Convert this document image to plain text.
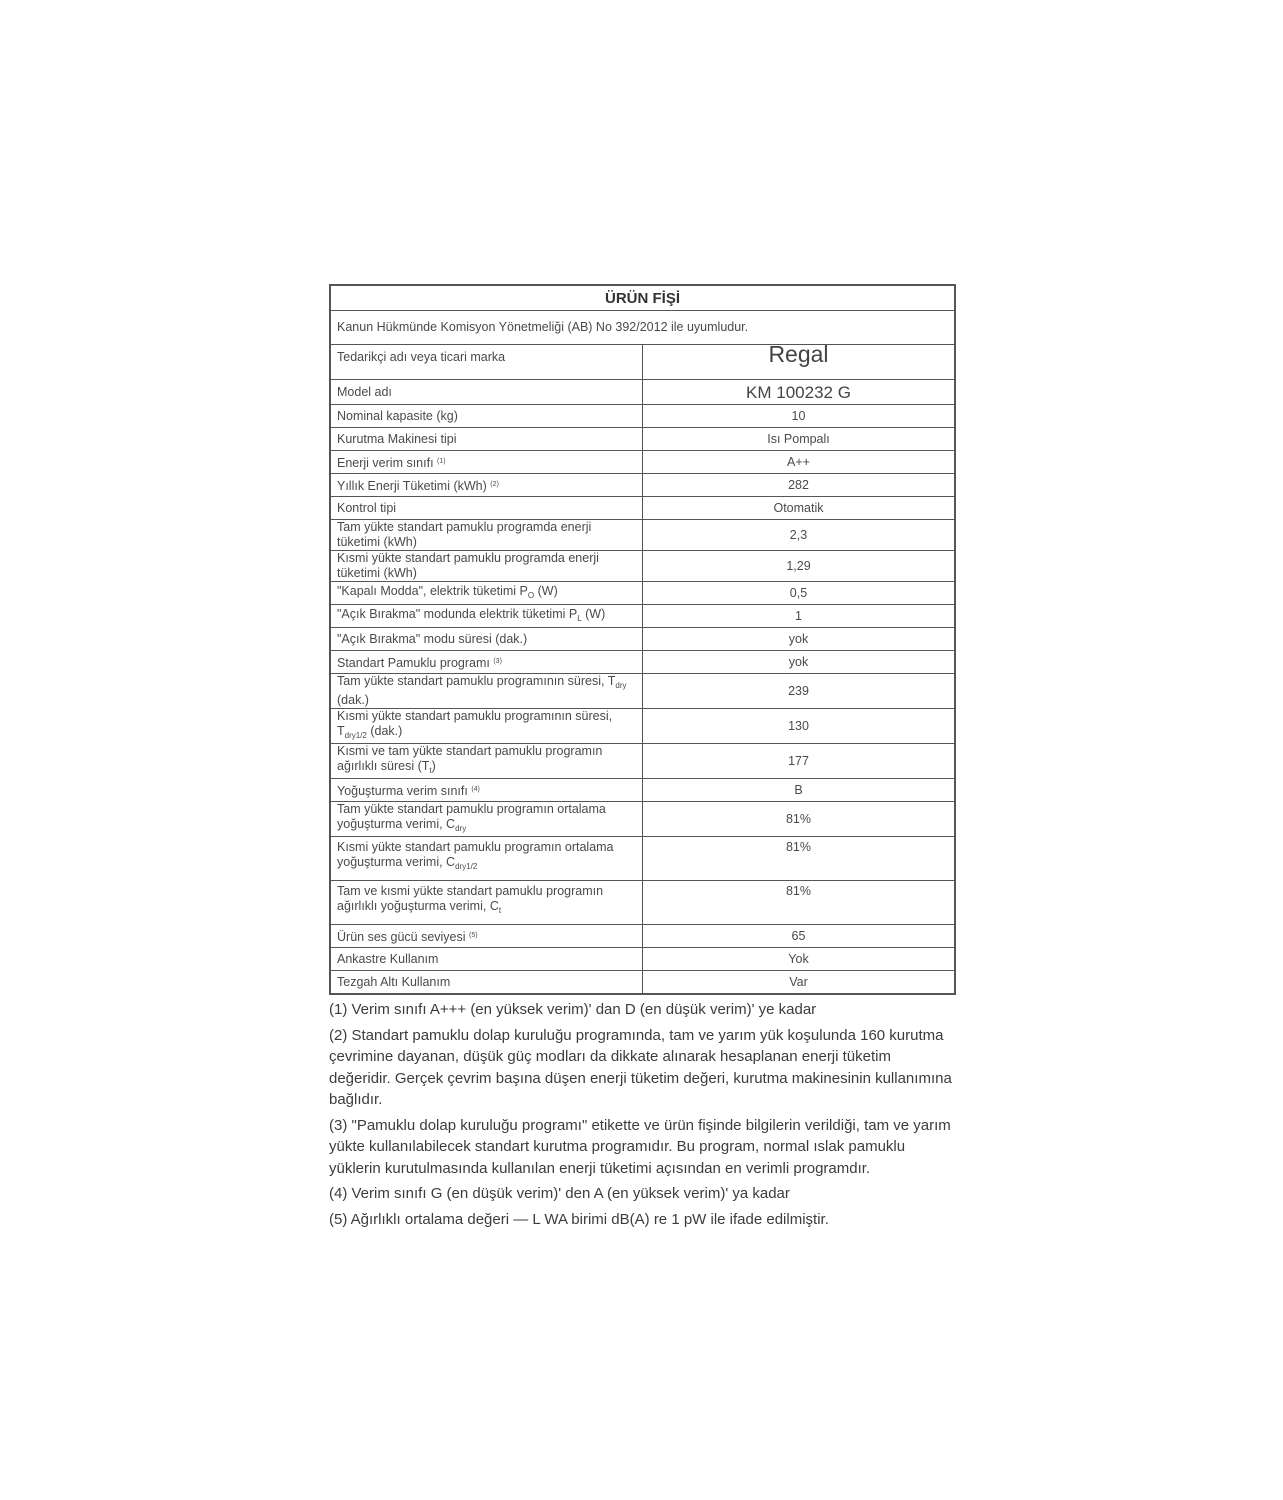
ÜRÜN FİŞİ	
Kanun Hükmünde Komisyon Yönetmeliği (AB) No 392/2012 ile uyumludur.	
Tedarikçi adı veya ticari marka	Regal
Model adı	KM 100232 G
Nominal kapasite (kg)	10
Kurutma Makinesi tipi	Isı Pompalı
Enerji verim sınıfı $^{(1)}$	A++
Yıllık Enerji Tüketimi (kWh) $^{(2)}$	282
Kontrol tipi	Otomatik
Tam yükte standart pamuklu programda enerji tüketimi (kWh)	2,3
Kısmi yükte standart pamuklu programda enerji tüketimi (kWh)	1,29
"Kapalı Modda", elektrik tüketimi $P_O$ (W)	0,5
"Açık Bırakma" modunda elektrik tüketimi $P_L$ (W)	1
"Açık Bırakma" modu süresi (dak.)	yok
Standart Pamuklu programı $^{(3)}$	yok
Tam yükte standart pamuklu programının süresi, $T_{dry}$ (dak.)	239
Kısmi yükte standart pamuklu programının süresi, $T_{dry1/2}$ (dak.)	130
Kısmi ve tam yükte standart pamuklu programın ağırlıklı süresi $(T_t)$	177
Yoğuşturma verim sınıfı $^{(4)}$	B
Tam yükte standart pamuklu programın ortalama yoğuşturma verimi, $C_{dry}$	81%
Kısmi yükte standart pamuklu programın ortalama yoğuşturma verimi, $C_{dry1/2}$	81%
Tam ve kısmi yükte standart pamuklu programın ağırlıklı yoğuşturma verimi, $C_t$	81%
Ürün ses gücü seviyesi $^{(5)}$	65
Ankastre Kullanım	Yok
Tezgah Altı Kullanım	Var

(1) Verim sınıfı A+++ (en yüksek verim)' dan D (en düşük verim)' ye kadar

(2) Standart pamuklu dolap kuruluğu programında, tam ve yarım yük koşulunda 160 kurutma çevrimine dayanan, düşük güç modları da dikkate alınarak hesaplanan enerji tüketim değeridir. Gerçek çevrim başına düşen enerji tüketim değeri, kurutma makinesinin kullanımına bağlıdır.

(3) "Pamuklu dolap kuruluğu programı" etikette ve ürün fişinde bilgilerin verildiği, tam ve yarım yükte kullanılabilecek standart kurutma programıdır. Bu program, normal ıslak pamuklu yüklerin kurutulmasında kullanılan enerji tüketimi açısından en verimli programdır.

(4) Verim sınıfı G (en düşük verim)' den A (en yüksek verim)' ya kadar

(5) Ağırlıklı ortalama değeri — L WA birimi dB(A) re 1 pW ile ifade edilmiştir.
